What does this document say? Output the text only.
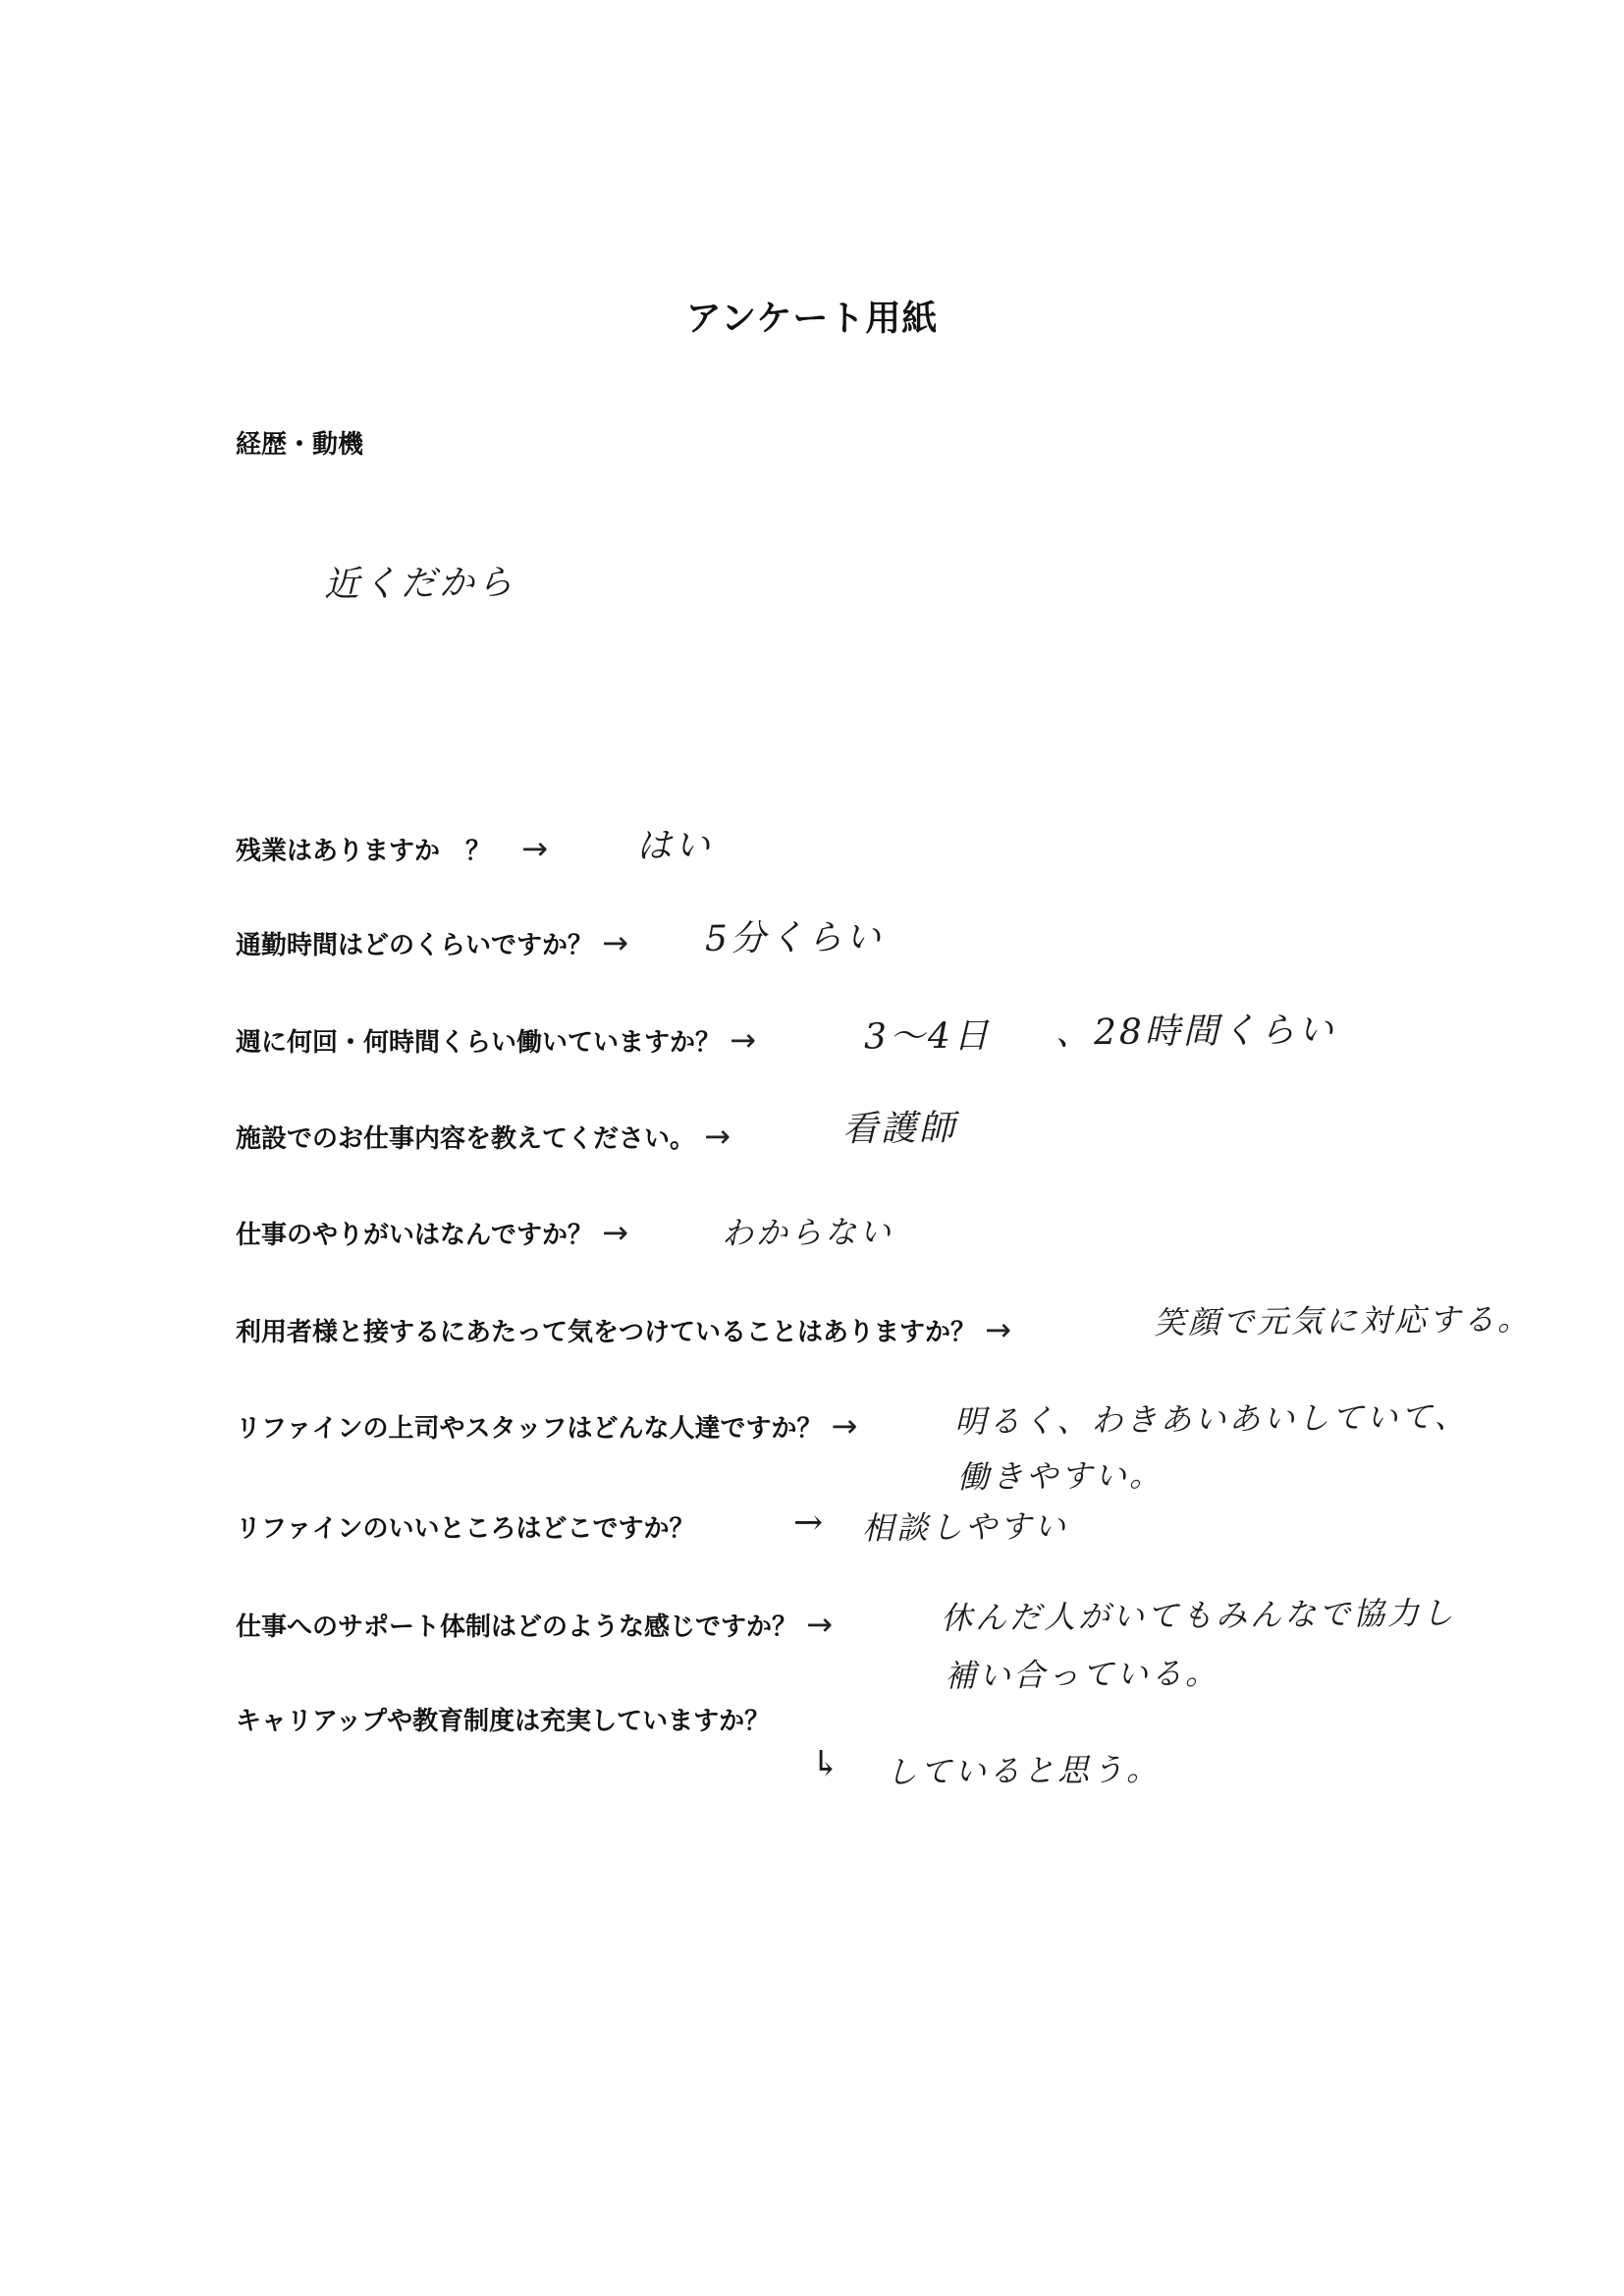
アンケート用紙
経歴・動機
近くだから
残業はありますか　？ → はい
通勤時間はどのくらいですか？ → 5分くらい
週に何回・何時間くらい働いていますか？ →	3〜4日 、28時間くらい
施設でのお仕事内容を教えてください。 →	看護師
仕事のやりがいはなんですか？ →	わからない
利用者様と接するにあたって気をつけていることはありますか？ →	笑顔で元気に対応する。
リファインの上司やスタッフはどんな人達ですか？ →	明るく、わきあいあいしていて、
働きやすい。
リファインのいいところはどこですか？	→ 相談しやすい
仕事へのサポート体制はどのような感じですか？ →	休んだ人がいてもみんなで協力し
補い合っている。
キャリアップや教育制度は充実していますか？
↳ していると思う。
